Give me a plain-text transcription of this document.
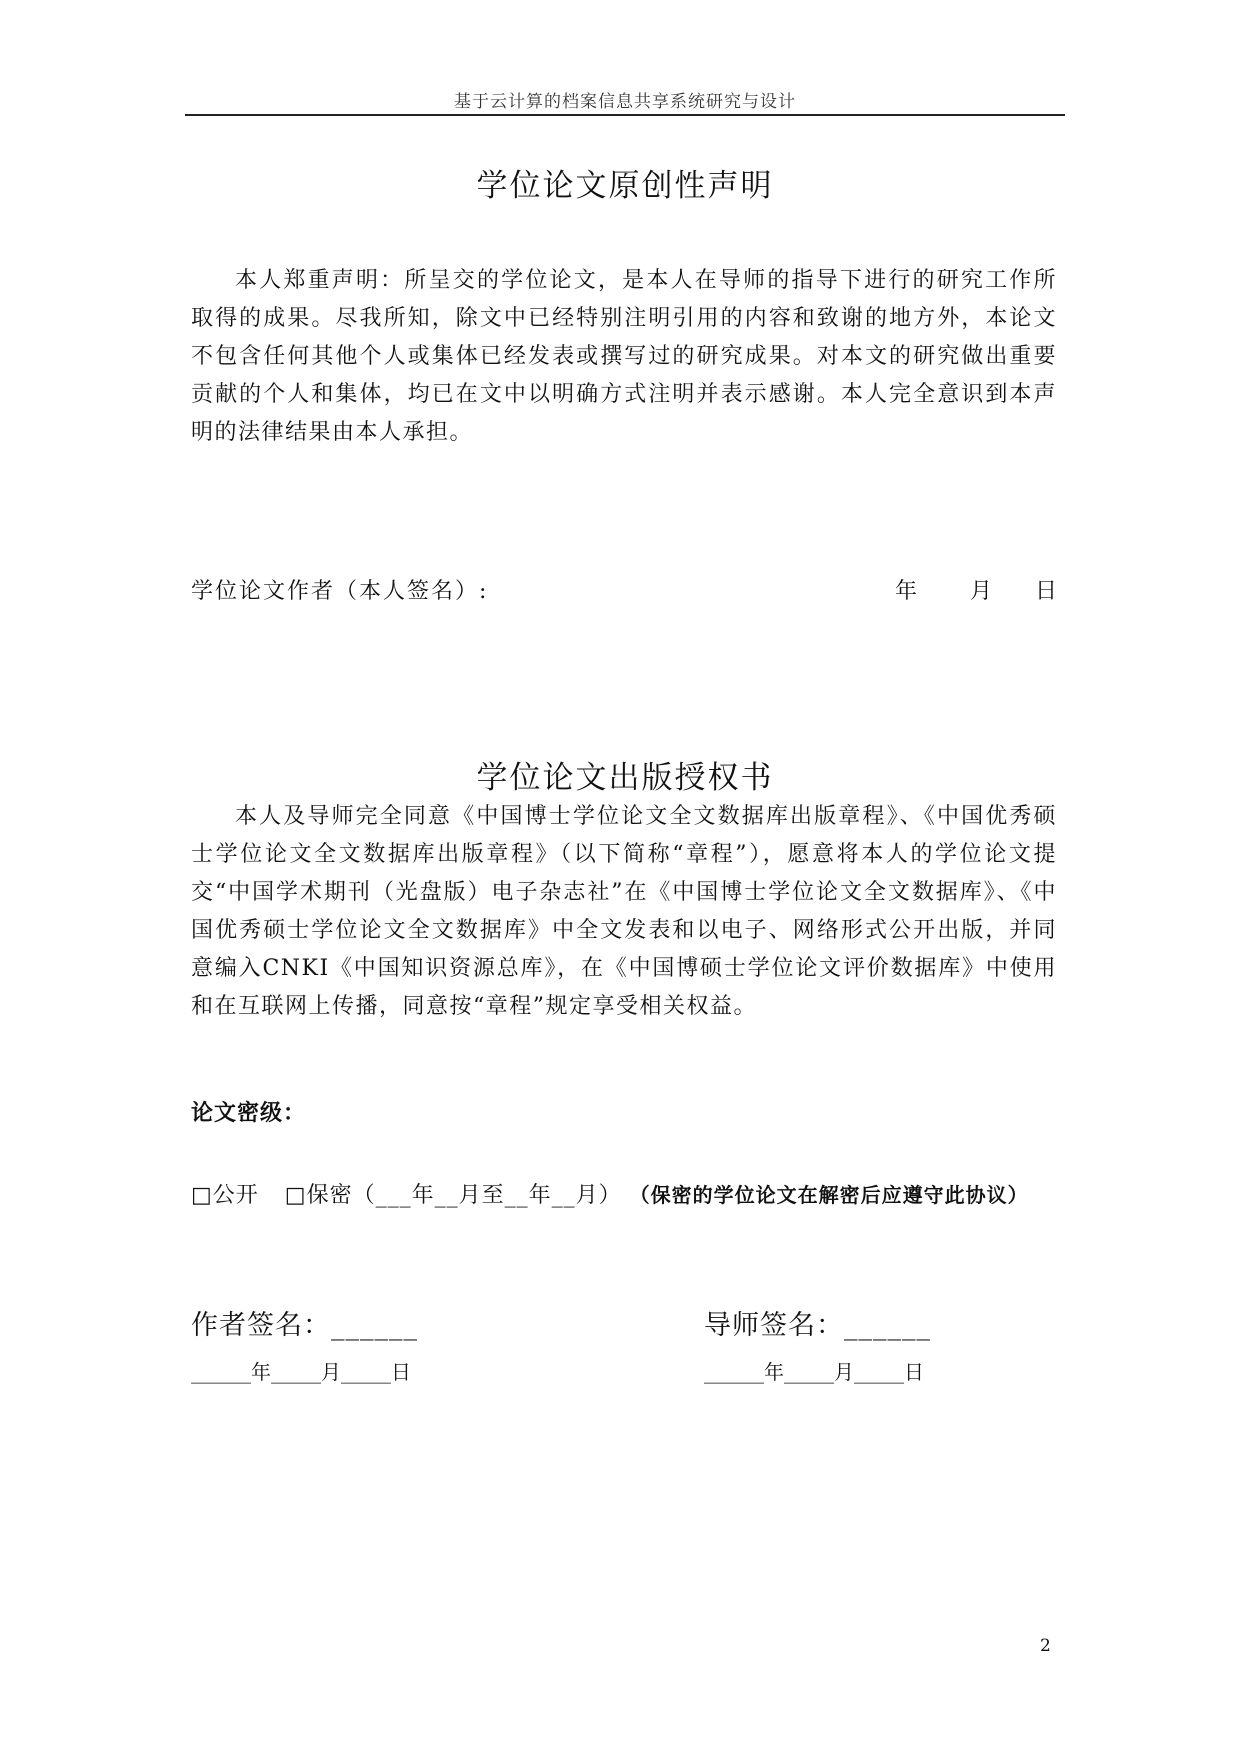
基于云计算的档案信息共享系统研究与设计
学位论文原创性声明

本人郑重声明：所呈交的学位论文，是本人在导师的指导下进行的研究工作所取得的成果。尽我所知，除文中已经特别注明引用的内容和致谢的地方外，本论文不包含任何其他个人或集体已经发表或撰写过的研究成果。对本文的研究做出重要贡献的个人和集体，均已在文中以明确方式注明并表示感谢。本人完全意识到本声明的法律结果由本人承担。

学位论文作者（本人签名）:	年 月 日
学位论文出版授权书

本人及导师完全同意《中国博士学位论文全文数据库出版章程》、《中国优秀硕士学位论文全文数据库出版章程》（以下简称“章程”），愿意将本人的学位论文提交“中国学术期刊（光盘版）电子杂志社”在《中国博士学位论文全文数据库》、《中国优秀硕士学位论文全文数据库》中全文发表和以电子、网络形式公开出版，并同意编入CNKI《中国知识资源总库》，在《中国博硕士学位论文评价数据库》中使用和在互联网上传播，同意按“章程”规定享受相关权益。

论文密级：
□公开 □保密（___年__月至__年__月） （保密的学位论文在解密后应遵守此协议）
作者签名：______	导师签名：______
______年_____月_____日	______年_____月_____日
2
